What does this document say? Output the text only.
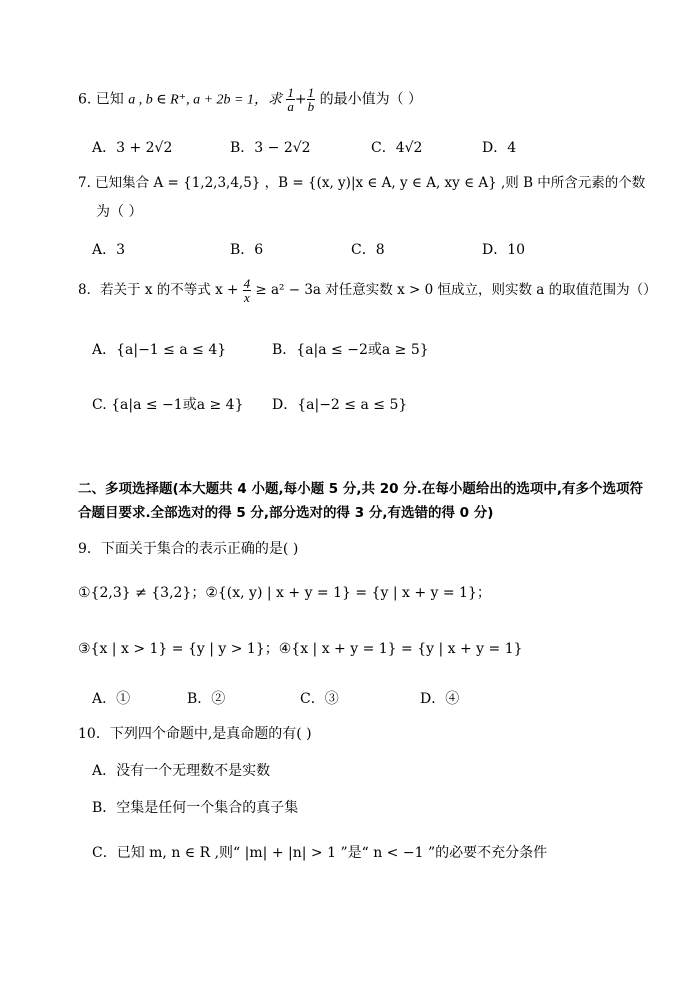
6. 已知 a , b ∈ R⁺, a + 2b = 1，求 $\frac{1}{a} + \frac{1}{b}$ 的最小值为（ ）
A．3 + 2√2	B．3 − 2√2	C．4√2	D．4
7. 已知集合 A = {1,2,3,4,5} ，B = {(x, y)|x ∈ A, y ∈ A, xy ∈ A} ,则 B 中所含元素的个数
为（ ）
A．3	B．6	C．8	D．10
8．若关于 x 的不等式 $x + \frac{4}{x} \ge a^2 - 3a$ 对任意实数 x > 0 恒成立，则实数 a 的取值范围为（）
A．{a|−1 ≤ a ≤ 4}	B．{a|a ≤ −2或a ≥ 5}
C. {a|a ≤ −1或a ≥ 4} D．{a|−2 ≤ a ≤ 5}
二、多项选择题(本大题共 4 小题,每小题 5 分,共 20 分.在每小题给出的选项中,有多个选项符
合题目要求.全部选对的得 5 分,部分选对的得 3 分,有选错的得 0 分)
9．下面关于集合的表示正确的是( )
①{2,3} ≠ {3,2}；②{(x, y) | x + y = 1} = {y | x + y = 1}；
③{x | x > 1} = {y | y > 1}；④{x | x + y = 1} = {y | x + y = 1}
A．①	B．②	C．③	D．④
10．下列四个命题中,是真命题的有( )
A．没有一个无理数不是实数
B．空集是任何一个集合的真子集
C．已知 m, n ∈ R ,则“ |m| + |n| > 1 ”是“ n < −1 ”的必要不充分条件
